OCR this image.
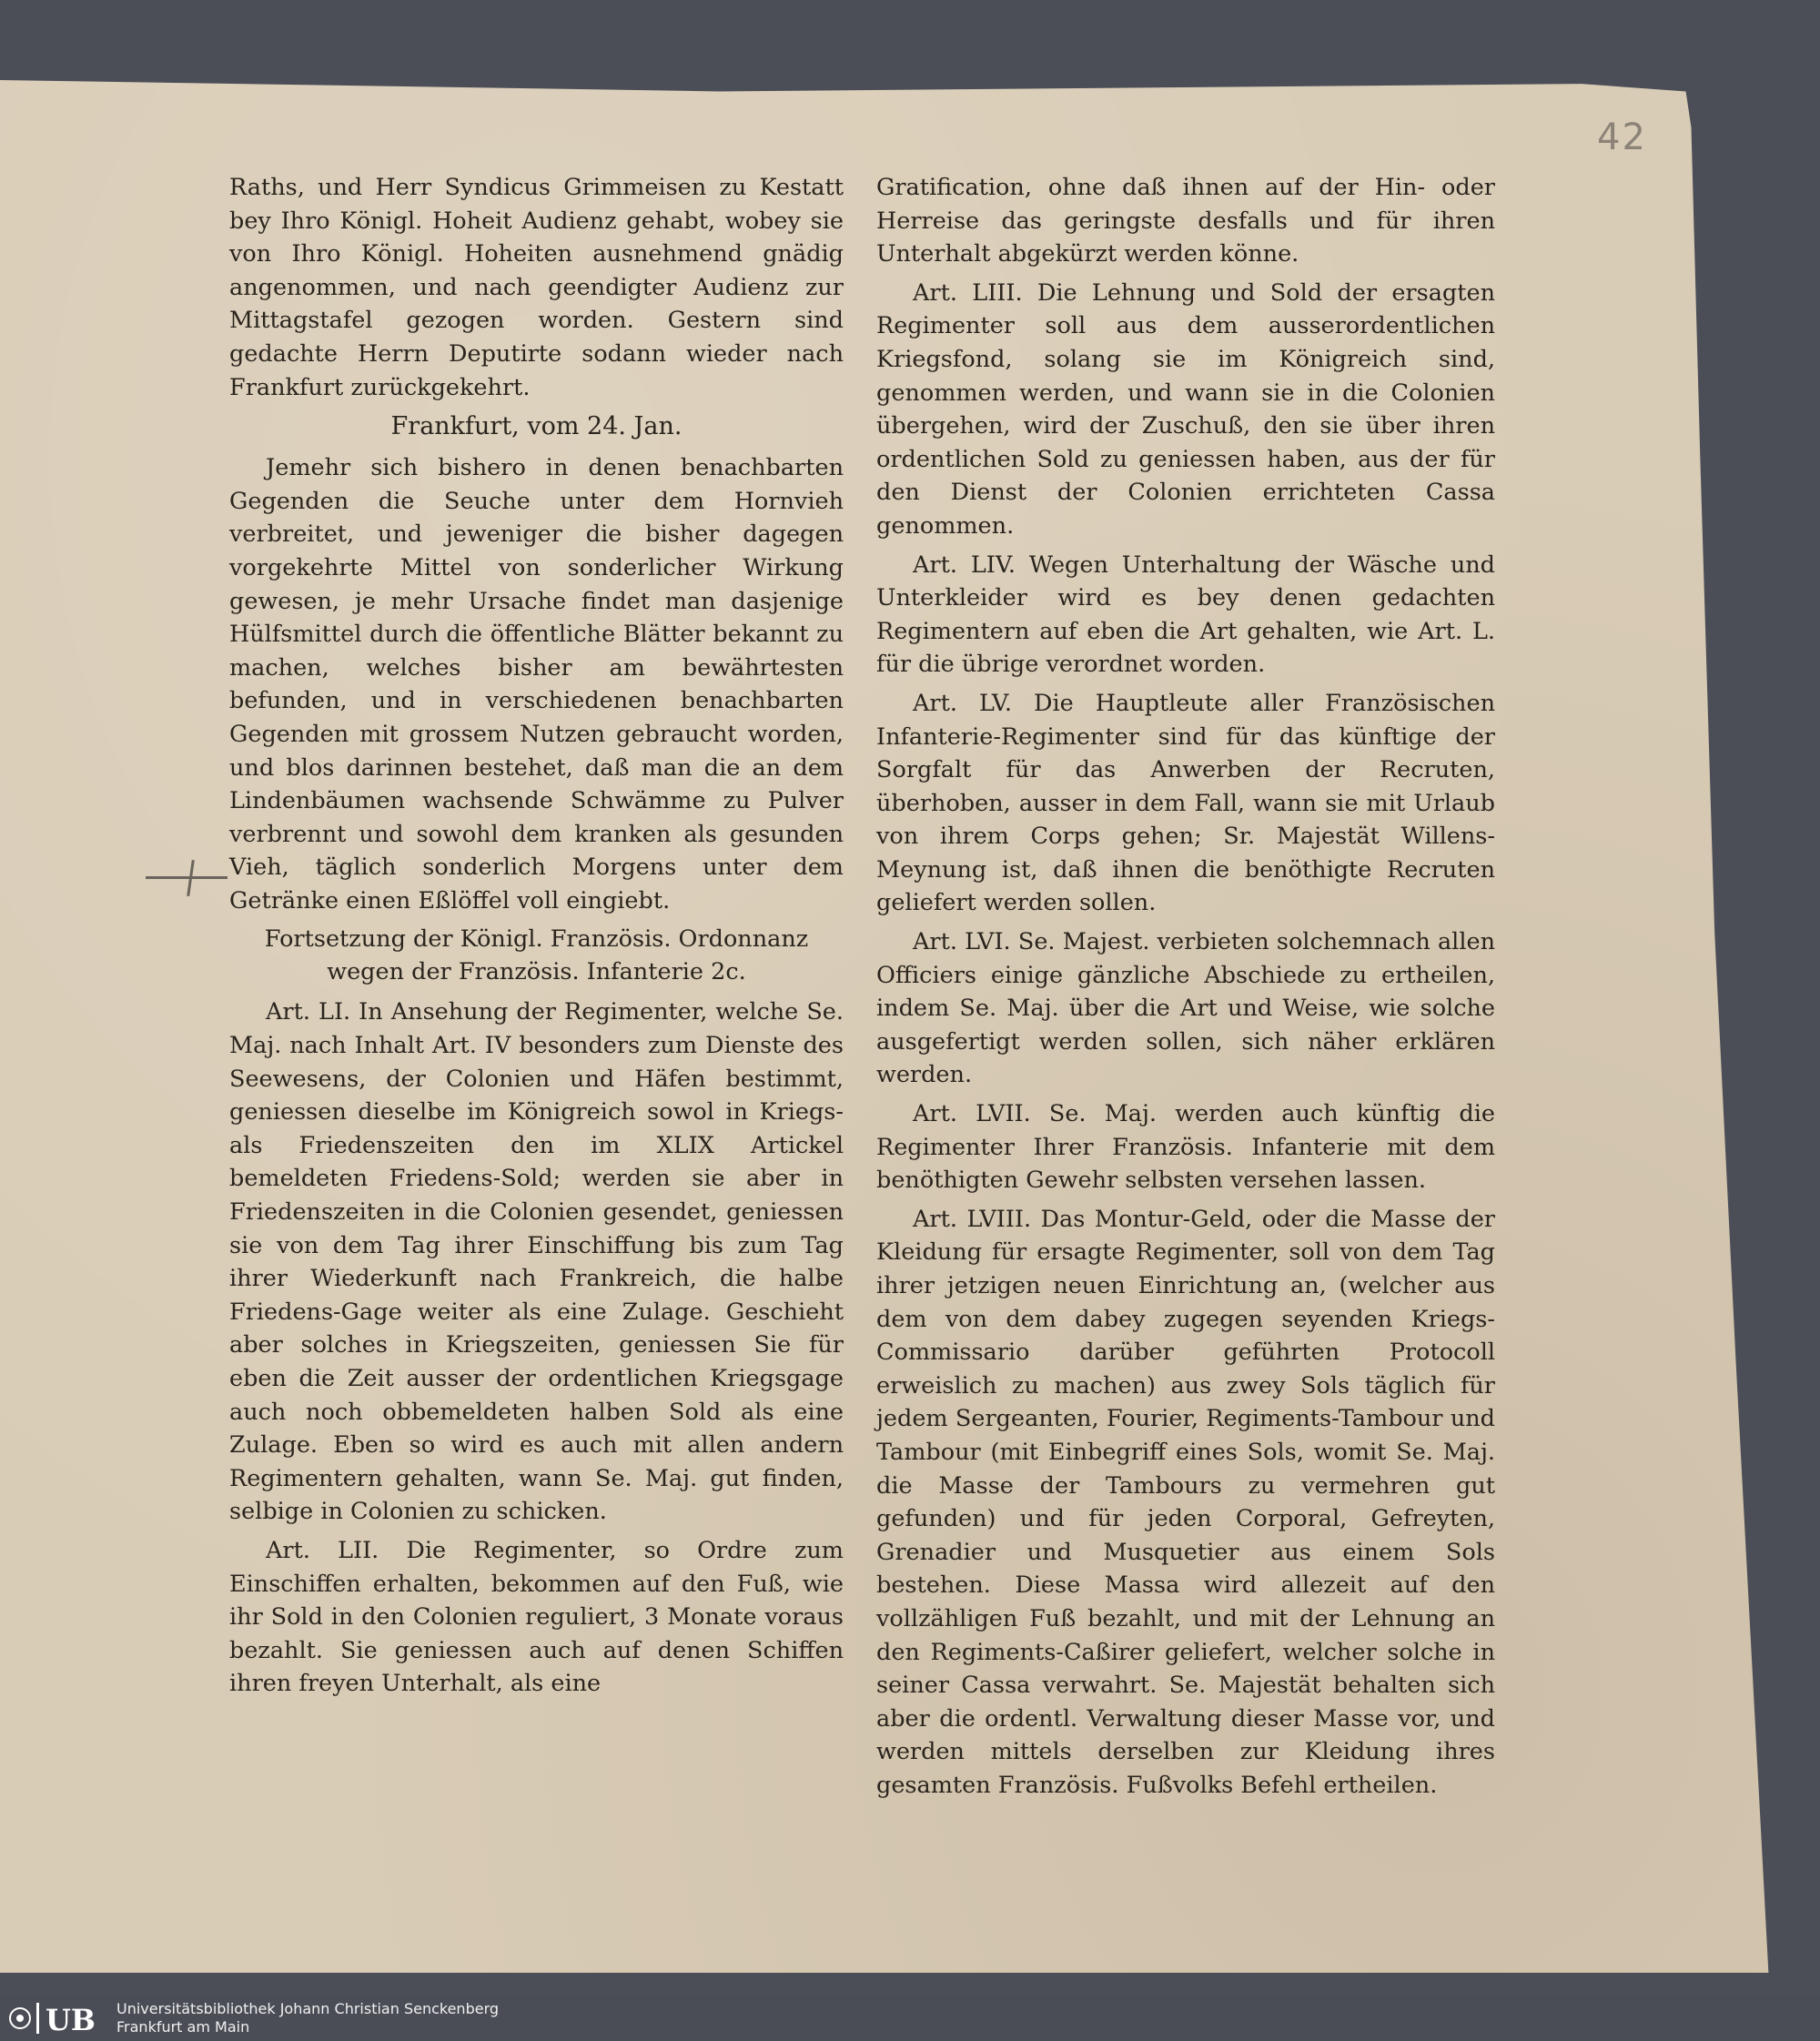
42

Raths, und Herr Syndicus Grimmeisen zu Kestatt bey Ihro Königl. Hoheit Audienz gehabt, wobey sie von Ihro Königl. Hoheiten ausnehmend gnädig angenommen, und nach geendigter Audienz zur Mittagstafel gezogen worden. Gestern sind gedachte Herrn Deputirte sodann wieder nach Frankfurt zurückgekehrt.

Frankfurt, vom 24. Jan.

Jemehr sich bishero in denen benachbarten Gegenden die Seuche unter dem Hornvieh verbreitet, und jeweniger die bisher dagegen vorgekehrte Mittel von sonderlicher Wirkung gewesen, je mehr Ursache findet man dasjenige Hülfsmittel durch die öffentliche Blätter bekannt zu machen, welches bisher am bewährtesten befunden, und in verschiedenen benachbarten Gegenden mit grossem Nutzen gebraucht worden, und blos darinnen bestehet, daß man die an dem Lindenbäumen wachsende Schwämme zu Pulver verbrennt und sowohl dem kranken als gesunden Vieh, täglich sonderlich Morgens unter dem Getränke einen Eßlöffel voll eingiebt.

Fortsetzung der Königl. Französis. Ordonnanz wegen der Französis. Infanterie 2c.

Art. LI. In Ansehung der Regimenter, welche Se. Maj. nach Inhalt Art. IV besonders zum Dienste des Seewesens, der Colonien und Häfen bestimmt, geniessen dieselbe im Königreich sowol in Kriegs- als Friedenszeiten den im XLIX Artickel bemeldeten Friedens-Sold; werden sie aber in Friedenszeiten in die Colonien gesendet, geniessen sie von dem Tag ihrer Einschiffung bis zum Tag ihrer Wiederkunft nach Frankreich, die halbe Friedens-Gage weiter als eine Zulage. Geschieht aber solches in Kriegszeiten, geniessen Sie für eben die Zeit ausser der ordentlichen Kriegsgage auch noch obbemeldeten halben Sold als eine Zulage. Eben so wird es auch mit allen andern Regimentern gehalten, wann Se. Maj. gut finden, selbige in Colonien zu schicken.

Art. LII. Die Regimenter, so Ordre zum Einschiffen erhalten, bekommen auf den Fuß, wie ihr Sold in den Colonien reguliert, 3 Monate voraus bezahlt. Sie geniessen auch auf denen Schiffen ihren freyen Unterhalt, als eine

Gratification, ohne daß ihnen auf der Hin- oder Herreise das geringste desfalls und für ihren Unterhalt abgekürzt werden könne.

Art. LIII. Die Lehnung und Sold der ersagten Regimenter soll aus dem ausserordentlichen Kriegsfond, solang sie im Königreich sind, genommen werden, und wann sie in die Colonien übergehen, wird der Zuschuß, den sie über ihren ordentlichen Sold zu geniessen haben, aus der für den Dienst der Colonien errichteten Cassa genommen.

Art. LIV. Wegen Unterhaltung der Wäsche und Unterkleider wird es bey denen gedachten Regimentern auf eben die Art gehalten, wie Art. L. für die übrige verordnet worden.

Art. LV. Die Hauptleute aller Französischen Infanterie-Regimenter sind für das künftige der Sorgfalt für das Anwerben der Recruten, überhoben, ausser in dem Fall, wann sie mit Urlaub von ihrem Corps gehen; Sr. Majestät Willens-Meynung ist, daß ihnen die benöthigte Recruten geliefert werden sollen.

Art. LVI. Se. Majest. verbieten solchemnach allen Officiers einige gänzliche Abschiede zu ertheilen, indem Se. Maj. über die Art und Weise, wie solche ausgefertigt werden sollen, sich näher erklären werden.

Art. LVII. Se. Maj. werden auch künftig die Regimenter Ihrer Französis. Infanterie mit dem benöthigten Gewehr selbsten versehen lassen.

Art. LVIII. Das Montur-Geld, oder die Masse der Kleidung für ersagte Regimenter, soll von dem Tag ihrer jetzigen neuen Einrichtung an, (welcher aus dem von dem dabey zugegen seyenden Kriegs-Commissario darüber geführten Protocoll erweislich zu machen) aus zwey Sols täglich für jedem Sergeanten, Fourier, Regiments-Tambour und Tambour (mit Einbegriff eines Sols, womit Se. Maj. die Masse der Tambours zu vermehren gut gefunden) und für jeden Corporal, Gefreyten, Grenadier und Musquetier aus einem Sols bestehen. Diese Massa wird allezeit auf den vollzähligen Fuß bezahlt, und mit der Lehnung an den Regiments-Caßirer geliefert, welcher solche in seiner Cassa verwahrt. Se. Majestät behalten sich aber die ordentl. Verwaltung dieser Masse vor, und werden mittels derselben zur Kleidung ihres gesamten Französis. Fußvolks Befehl ertheilen.

UB Universitätsbibliothek Johann Christian Senckenberg
Frankfurt am Main
